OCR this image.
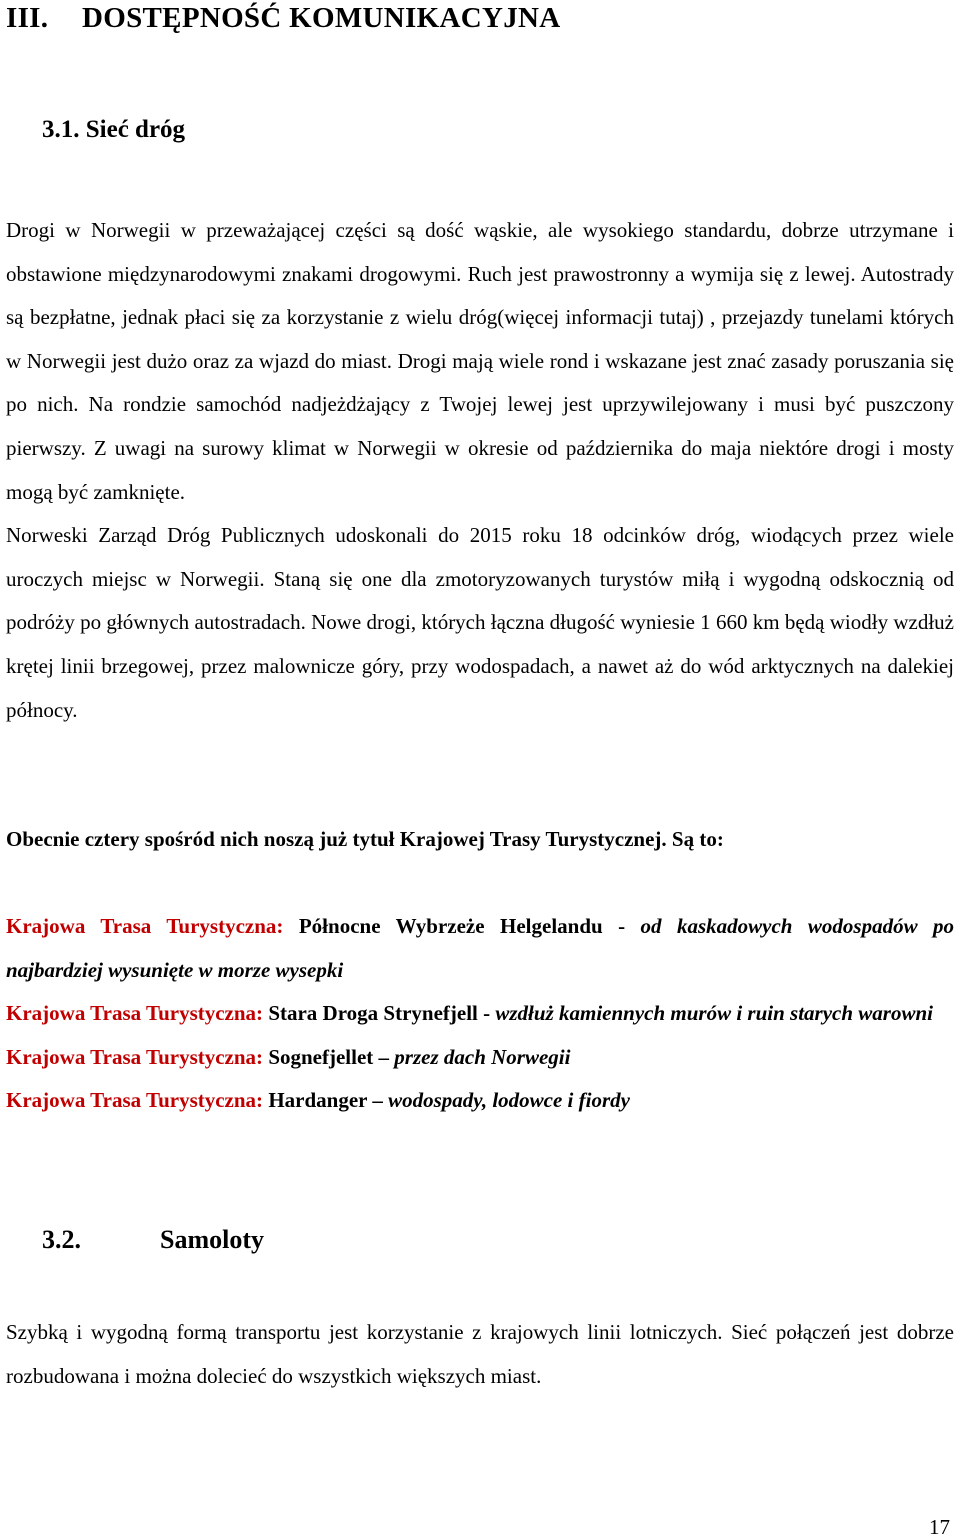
III. DOSTĘPNOŚĆ KOMUNIKACYJNA
3.1. Sieć dróg

Drogi w Norwegii w przeważającej części są dość wąskie, ale wysokiego standardu, dobrze utrzymane i obstawione międzynarodowymi znakami drogowymi. Ruch jest prawostronny a wymija się z lewej. Autostrady są bezpłatne, jednak płaci się za korzystanie z wielu dróg(więcej informacji tutaj) , przejazdy tunelami których w Norwegii jest dużo oraz za wjazd do miast. Drogi mają wiele rond i wskazane jest znać zasady poruszania się po nich. Na rondzie samochód nadjeżdżający z Twojej lewej jest uprzywilejowany i musi być puszczony pierwszy. Z uwagi na surowy klimat w Norwegii w okresie od października do maja niektóre drogi i mosty mogą być zamknięte.

Norweski Zarząd Dróg Publicznych udoskonali do 2015 roku 18 odcinków dróg, wiodących przez wiele uroczych miejsc w Norwegii. Staną się one dla zmotoryzowanych turystów miłą i wygodną odskocznią od podróży po głównych autostradach. Nowe drogi, których łączna długość wyniesie 1 660 km będą wiodły wzdłuż krętej linii brzegowej, przez malownicze góry, przy wodospadach, a nawet aż do wód arktycznych na dalekiej północy.

Obecnie cztery spośród nich noszą już tytuł Krajowej Trasy Turystycznej. Są to:

Krajowa Trasa Turystyczna: Północne Wybrzeże Helgelandu - od kaskadowych wodospadów po najbardziej wysunięte w morze wysepki

Krajowa Trasa Turystyczna: Stara Droga Strynefjell - wzdłuż kamiennych murów i ruin starych warowni

Krajowa Trasa Turystyczna: Sognefjellet – przez dach Norwegii

Krajowa Trasa Turystyczna: Hardanger – wodospady, lodowce i fiordy

3.2.	Samoloty

Szybką i wygodną formą transportu jest korzystanie z krajowych linii lotniczych. Sieć połączeń jest dobrze rozbudowana i można dolecieć do wszystkich większych miast.

17
